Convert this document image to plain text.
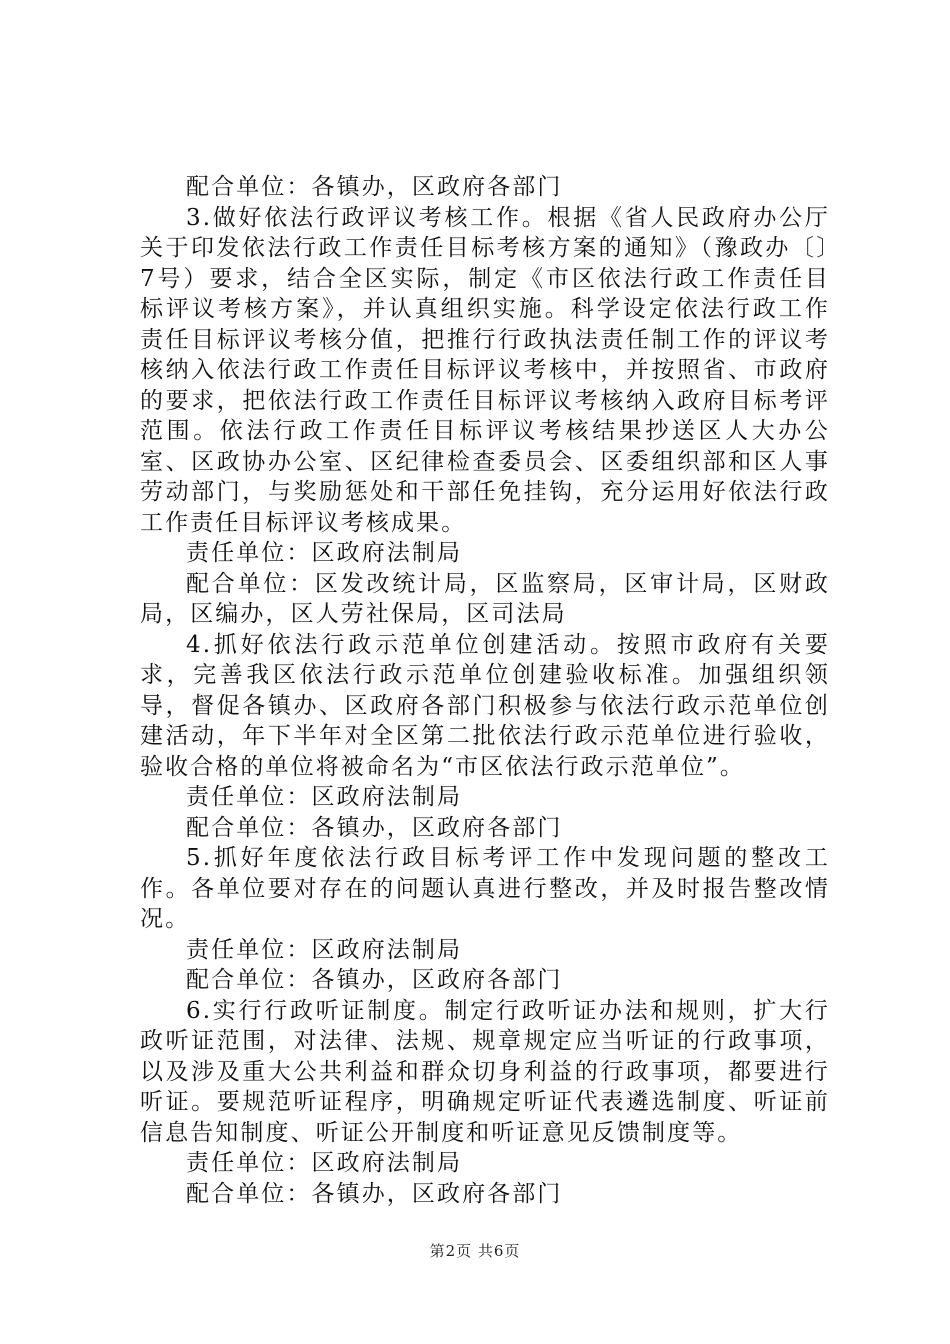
配合单位：各镇办，区政府各部门

3.做好依法行政评议考核工作。根据《省人民政府办公厅关于印发依法行政工作责任目标考核方案的通知》（豫政办〔〕7号）要求，结合全区实际，制定《市区依法行政工作责任目标评议考核方案》，并认真组织实施。科学设定依法行政工作责任目标评议考核分值，把推行行政执法责任制工作的评议考核纳入依法行政工作责任目标评议考核中，并按照省、市政府的要求，把依法行政工作责任目标评议考核纳入政府目标考评范围。依法行政工作责任目标评议考核结果抄送区人大办公室、区政协办公室、区纪律检查委员会、区委组织部和区人事劳动部门，与奖励惩处和干部任免挂钩，充分运用好依法行政工作责任目标评议考核成果。

责任单位：区政府法制局

配合单位：区发改统计局，区监察局，区审计局，区财政局，区编办，区人劳社保局，区司法局

4.抓好依法行政示范单位创建活动。按照市政府有关要求，完善我区依法行政示范单位创建验收标准。加强组织领导，督促各镇办、区政府各部门积极参与依法行政示范单位创建活动，年下半年对全区第二批依法行政示范单位进行验收，验收合格的单位将被命名为“市区依法行政示范单位”。

责任单位：区政府法制局

配合单位：各镇办，区政府各部门

5.抓好年度依法行政目标考评工作中发现问题的整改工作。各单位要对存在的问题认真进行整改，并及时报告整改情况。

责任单位：区政府法制局

配合单位：各镇办，区政府各部门

6.实行行政听证制度。制定行政听证办法和规则，扩大行政听证范围，对法律、法规、规章规定应当听证的行政事项，以及涉及重大公共利益和群众切身利益的行政事项，都要进行听证。要规范听证程序，明确规定听证代表遴选制度、听证前信息告知制度、听证公开制度和听证意见反馈制度等。

责任单位：区政府法制局

配合单位：各镇办，区政府各部门

第2页 共6页
